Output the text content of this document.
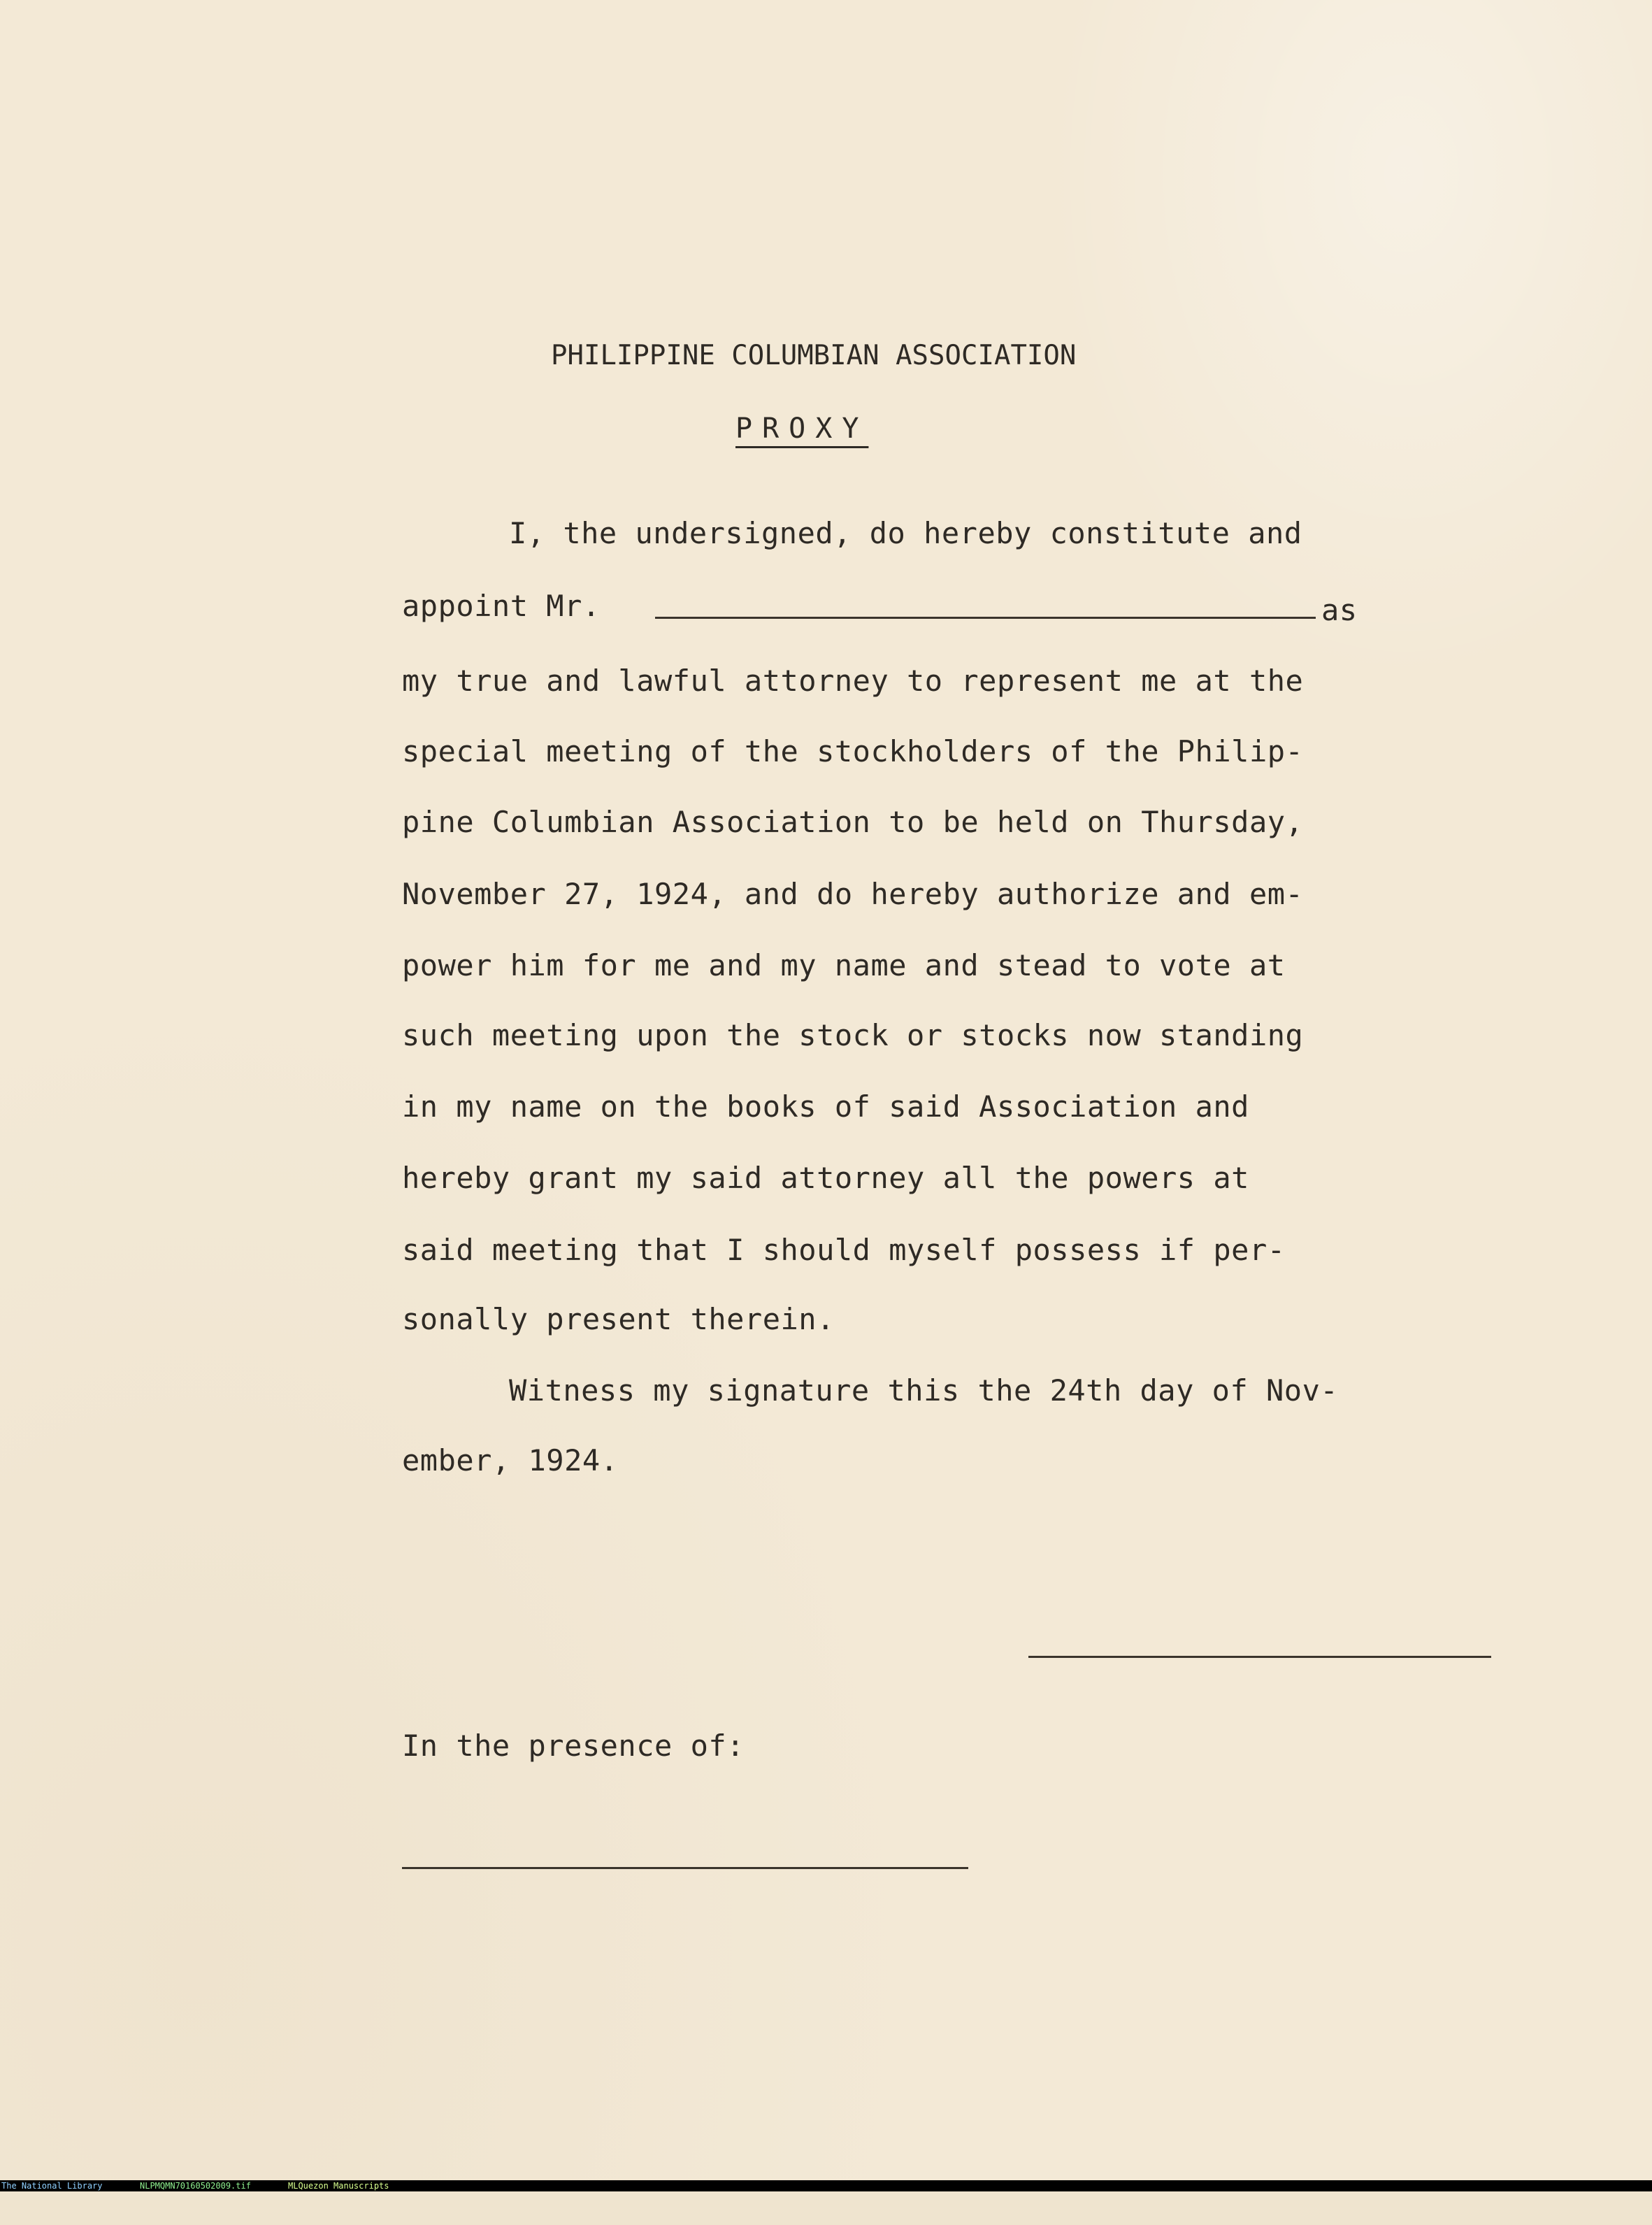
PHILIPPINE COLUMBIAN ASSOCIATION
PROXY
I, the undersigned, do hereby constitute and
appoint Mr.	as
my true and lawful attorney to represent me at the
special meeting of the stockholders of the Philip-
pine Columbian Association to be held on Thursday,
November 27, 1924, and do hereby authorize and em-
power him for me and my name and stead to vote at
such meeting upon the stock or stocks now standing
in my name on the books of said Association and
hereby grant my said attorney all the powers at
said meeting that I should myself possess if per-
sonally present therein.
Witness my signature this the 24th day of Nov-
ember, 1924.
In the presence of:

The National Library

	NLPMQMN70160502009.tif

	MLQuezon Manuscripts
